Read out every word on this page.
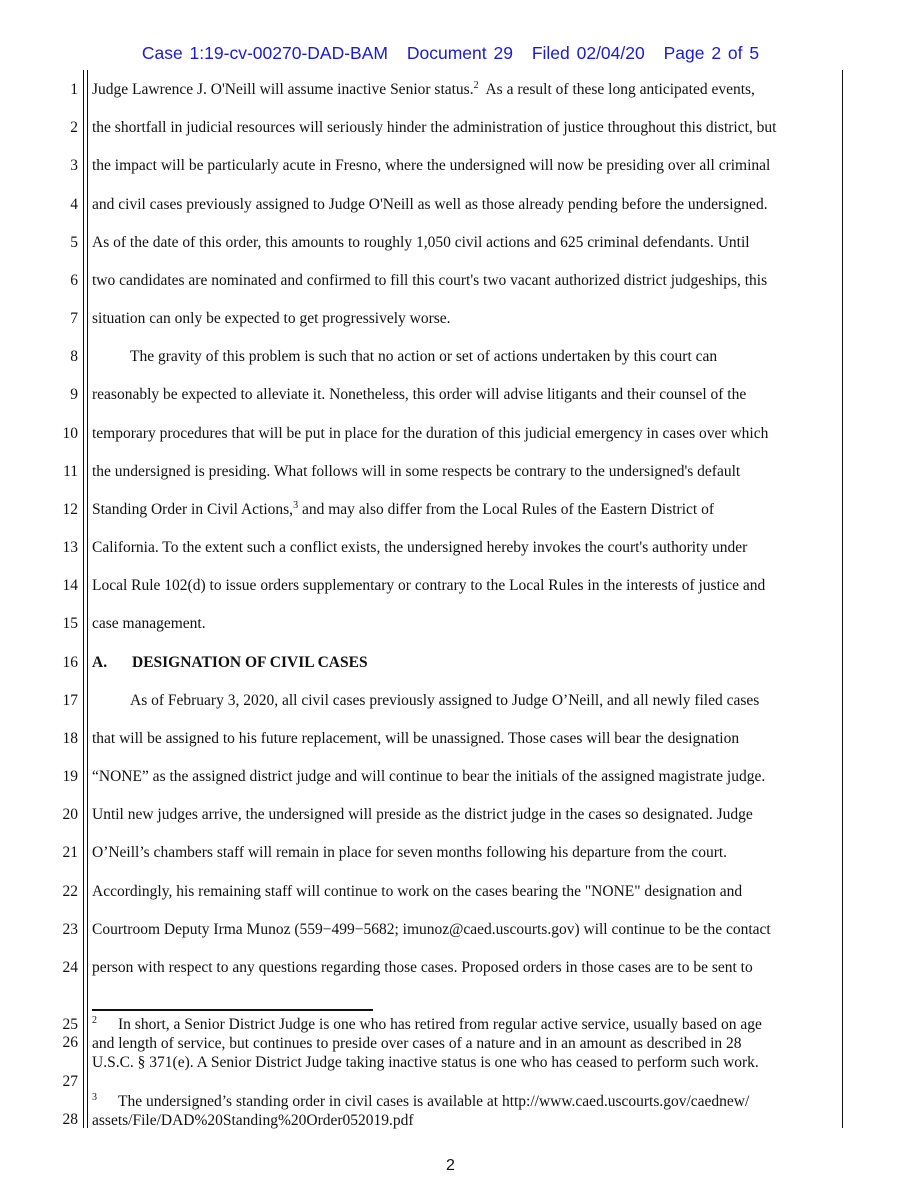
Case 1:19-cv-00270-DAD-BAM Document 29 Filed 02/04/20 Page 2 of 5
1
2
3
4
5
6
7
8
9
10
11
12
13
14
15
16
17
18
19
20
21
22
23
24
25
26
27
28
Judge Lawrence J. O'Neill will assume inactive Senior status.$^2$  As a result of these long anticipated events,
the shortfall in judicial resources will seriously hinder the administration of justice throughout this district, but
the impact will be particularly acute in Fresno, where the undersigned will now be presiding over all criminal
and civil cases previously assigned to Judge O'Neill as well as those already pending before the undersigned.
As of the date of this order, this amounts to roughly 1,050 civil actions and 625 criminal defendants. Until
two candidates are nominated and confirmed to fill this court's two vacant authorized district judgeships, this
situation can only be expected to get progressively worse.
The gravity of this problem is such that no action or set of actions undertaken by this court can
reasonably be expected to alleviate it. Nonetheless, this order will advise litigants and their counsel of the
temporary procedures that will be put in place for the duration of this judicial emergency in cases over which
the undersigned is presiding. What follows will in some respects be contrary to the undersigned's default
Standing Order in Civil Actions,$^3$ and may also differ from the Local Rules of the Eastern District of
California. To the extent such a conflict exists, the undersigned hereby invokes the court's authority under
Local Rule 102(d) to issue orders supplementary or contrary to the Local Rules in the interests of justice and
case management.
A. DESIGNATION OF CIVIL CASES
As of February 3, 2020, all civil cases previously assigned to Judge O’Neill, and all newly filed cases
that will be assigned to his future replacement, will be unassigned. Those cases will bear the designation
“NONE” as the assigned district judge and will continue to bear the initials of the assigned magistrate judge.
Until new judges arrive, the undersigned will preside as the district judge in the cases so designated. Judge
O’Neill’s chambers staff will remain in place for seven months following his departure from the court.
Accordingly, his remaining staff will continue to work on the cases bearing the "NONE" designation and
Courtroom Deputy Irma Munoz (559−499−5682; imunoz@caed.uscourts.gov) will continue to be the contact
person with respect to any questions regarding those cases. Proposed orders in those cases are to be sent to
2 In short, a Senior District Judge is one who has retired from regular active service, usually based on age
and length of service, but continues to preside over cases of a nature and in an amount as described in 28
U.S.C. § 371(e). A Senior District Judge taking inactive status is one who has ceased to perform such work.
3 The undersigned’s standing order in civil cases is available at http://www.caed.uscourts.gov/caednew/
assets/File/DAD%20Standing%20Order052019.pdf
2
